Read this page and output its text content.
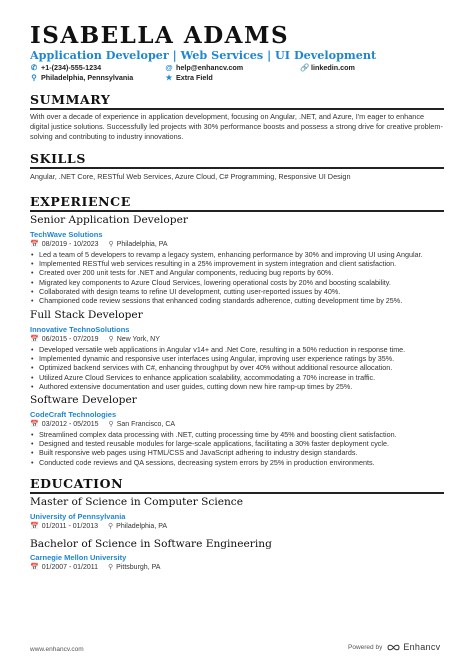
ISABELLA ADAMS
Application Developer | Web Services | UI Development
✆ +1-(234)-555-1234	@ help@enhancv.com	🔗 linkedin.com
⚲ Philadelphia, Pennsylvania	★ Extra Field
SUMMARY
With over a decade of experience in application development, focusing on Angular, .NET, and Azure, I'm eager to enhance digital justice solutions. Successfully led projects with 30% performance boosts and possess a strong drive for creative problem-solving and contributing to industry innovations.
SKILLS
Angular, .NET Core, RESTful Web Services, Azure Cloud, C# Programming, Responsive UI Design
EXPERIENCE
Senior Application Developer
TechWave Solutions
📅 08/2019 - 10/2023 ⚲ Philadelphia, PA
• Led a team of 5 developers to revamp a legacy system, enhancing performance by 30% and improving UI using Angular.
• Implemented RESTful web services resulting in a 25% improvement in system integration and client satisfaction.
• Created over 200 unit tests for .NET and Angular components, reducing bug reports by 60%.
• Migrated key components to Azure Cloud Services, lowering operational costs by 20% and boosting scalability.
• Collaborated with design teams to refine UI development, cutting user-reported issues by 40%.
• Championed code review sessions that enhanced coding standards adherence, cutting development time by 25%.
Full Stack Developer
Innovative TechnoSolutions
📅 06/2015 - 07/2019 ⚲ New York, NY
• Developed versatile web applications in Angular v14+ and .Net Core, resulting in a 50% reduction in response time.
• Implemented dynamic and responsive user interfaces using Angular, improving user experience ratings by 35%.
• Optimized backend services with C#, enhancing throughput by over 40% without additional resource allocation.
• Utilized Azure Cloud Services to enhance application scalability, accommodating a 70% increase in traffic.
• Authored extensive documentation and user guides, cutting down new hire ramp-up times by 25%.
Software Developer
CodeCraft Technologies
📅 03/2012 - 05/2015 ⚲ San Francisco, CA
• Streamlined complex data processing with .NET, cutting processing time by 45% and boosting client satisfaction.
• Designed and tested reusable modules for large-scale applications, facilitating a 30% faster deployment cycle.
• Built responsive web pages using HTML/CSS and JavaScript adhering to industry design standards.
• Conducted code reviews and QA sessions, decreasing system errors by 25% in production environments.
EDUCATION
Master of Science in Computer Science
University of Pennsylvania
📅 01/2011 - 01/2013 ⚲ Philadelphia, PA
Bachelor of Science in Software Engineering
Carnegie Mellon University
📅 01/2007 - 01/2011 ⚲ Pittsburgh, PA
www.enhancv.com	Powered by Enhancv
